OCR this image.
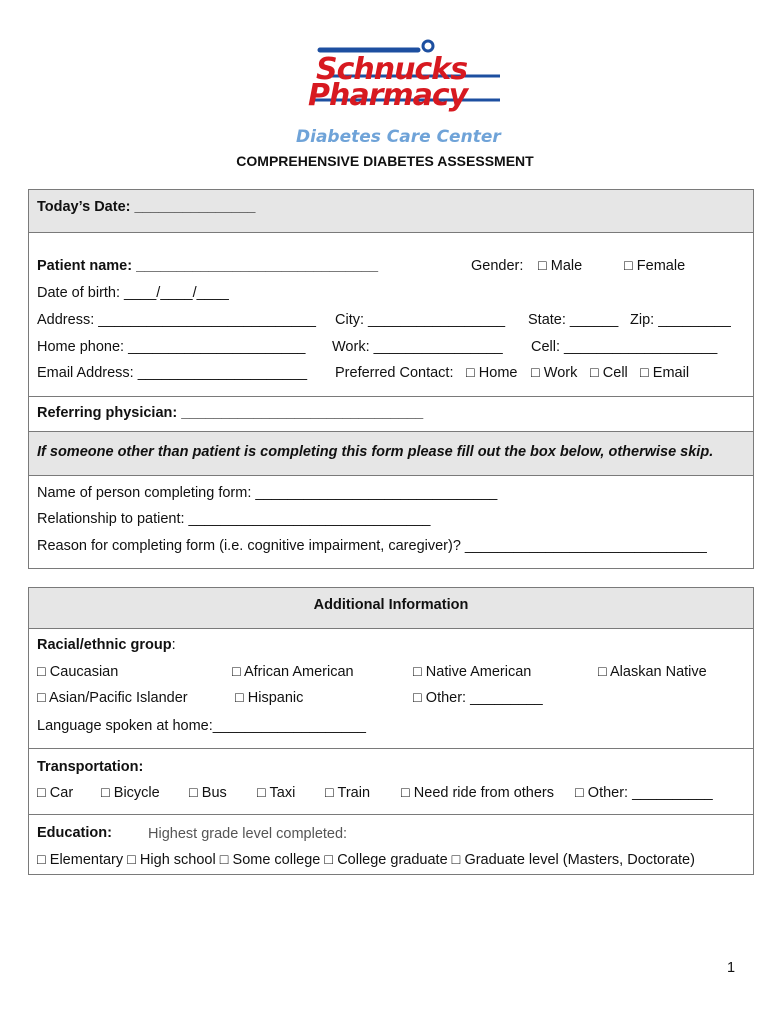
Schnucks
Pharmacy
Diabetes Care Center
COMPREHENSIVE DIABETES ASSESSMENT
Today’s Date: _______________
Patient name: ______________________________	Gender: □ Male	□ Female
Date of birth: ____/____/____
Address: ___________________________ City: _________________ State: ______ Zip: _________
Home phone: ______________________ Work: ________________ Cell: ___________________
Email Address: _____________________ Preferred Contact: □ Home □ Work □ Cell □ Email
Referring physician: ______________________________
If someone other than patient is completing this form please fill out the box below, otherwise skip.
Name of person completing form: ______________________________
Relationship to patient: ______________________________
Reason for completing form (i.e. cognitive impairment, caregiver)? ______________________________
Additional Information
Racial/ethnic group:
□ Caucasian	□ African American	□ Native American	□ Alaskan Native
□ Asian/Pacific Islander	□ Hispanic	□ Other: _________
Language spoken at home:___________________
Transportation:
□ Car □ Bicycle □ Bus □ Taxi □ Train □ Need ride from others □ Other: __________
Education: Highest grade level completed:
□ Elementary □ High school □ Some college □ College graduate □ Graduate level (Masters, Doctorate)
1
